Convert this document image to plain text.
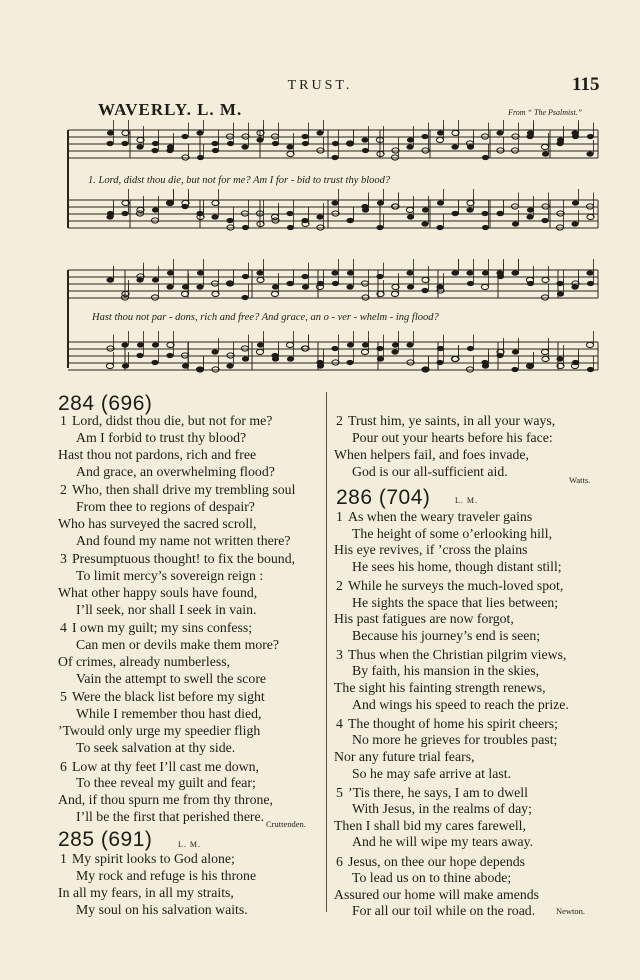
TRUST.	115
WAVERLY. L. M.	From “ The Psalmist.”
1. Lord, didst thou die, but not for me? Am I for - bid to trust thy blood?
Hast thou not par - dons, rich and free? And grace, an o - ver - whelm - ing flood?
284 (696)
1 Lord, didst thou die, but not for me?
Am I forbid to trust thy blood?
Hast thou not pardons, rich and free
And grace, an overwhelming flood?
2 Who, then shall drive my trembling soul
From thee to regions of despair?
Who has surveyed the sacred scroll,
And found my name not written there?
3 Presumptuous thought! to fix the bound,
To limit mercy’s sovereign reign :
What other happy souls have found,
I’ll seek, nor shall I seek in vain.
4 I own my guilt; my sins confess;
Can men or devils make them more?
Of crimes, already numberless,
Vain the attempt to swell the score
5 Were the black list before my sight
While I remember thou hast died,
’Twould only urge my speedier fligh
To seek salvation at thy side.
6 Low at thy feet I’ll cast me down,
To thee reveal my guilt and fear;
And, if thou spurn me from thy throne,
I’ll be the first that perished there. Cruttenden.
285 (691)	L. M.
1 My spirit looks to God alone;
My rock and refuge is his throne
In all my fears, in all my straits,
My soul on his salvation waits.
2 Trust him, ye saints, in all your ways,
Pour out your hearts before his face:
When helpers fail, and foes invade,
God is our all-sufficient aid.
Watts.
286 (704)	L. M.
1 As when the weary traveler gains
The height of some o’erlooking hill,
His eye revives, if ’cross the plains
He sees his home, though distant still;
2 While he surveys the much-loved spot,
He sights the space that lies between;
His past fatigues are now forgot,
Because his journey’s end is seen;
3 Thus when the Christian pilgrim views,
By faith, his mansion in the skies,
The sight his fainting strength renews,
And wings his speed to reach the prize.
4 The thought of home his spirit cheers;
No more he grieves for troubles past;
Nor any future trial fears,
So he may safe arrive at last.
5 ’Tis there, he says, I am to dwell
With Jesus, in the realms of day;
Then I shall bid my cares farewell,
And he will wipe my tears away.
6 Jesus, on thee our hope depends
To lead us on to thine abode;
Assured our home will make amends
For all our toil while on the road. Newton.
